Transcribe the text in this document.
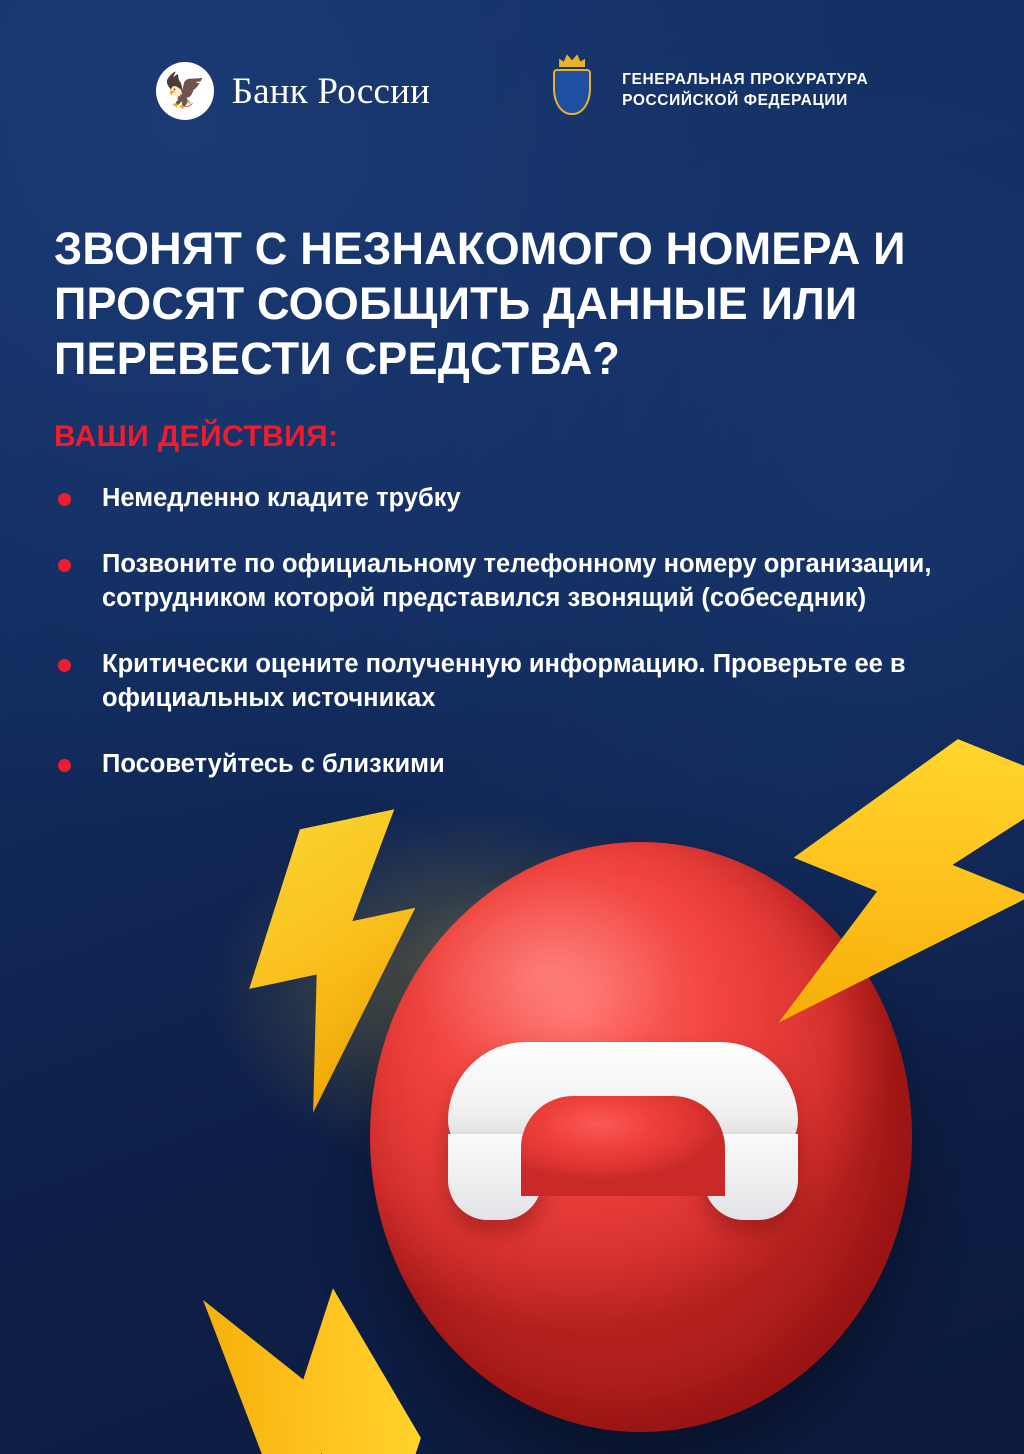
🦅 Банк России	ГЕНЕРАЛЬНАЯ ПРОКУРАТУРА
РОССИЙСКОЙ ФЕДЕРАЦИИ
ЗВОНЯТ С НЕЗНАКОМОГО НОМЕРА И ПРОСЯТ СООБЩИТЬ ДАННЫЕ ИЛИ ПЕРЕВЕСТИ СРЕДСТВА?
ВАШИ ДЕЙСТВИЯ:
Немедленно кладите трубку
Позвоните по официальному телефонному номеру организации, сотрудником которой представился звонящий (собеседник)
Критически оцените полученную информацию. Проверьте ее в официальных источниках
Посоветуйтесь с близкими
